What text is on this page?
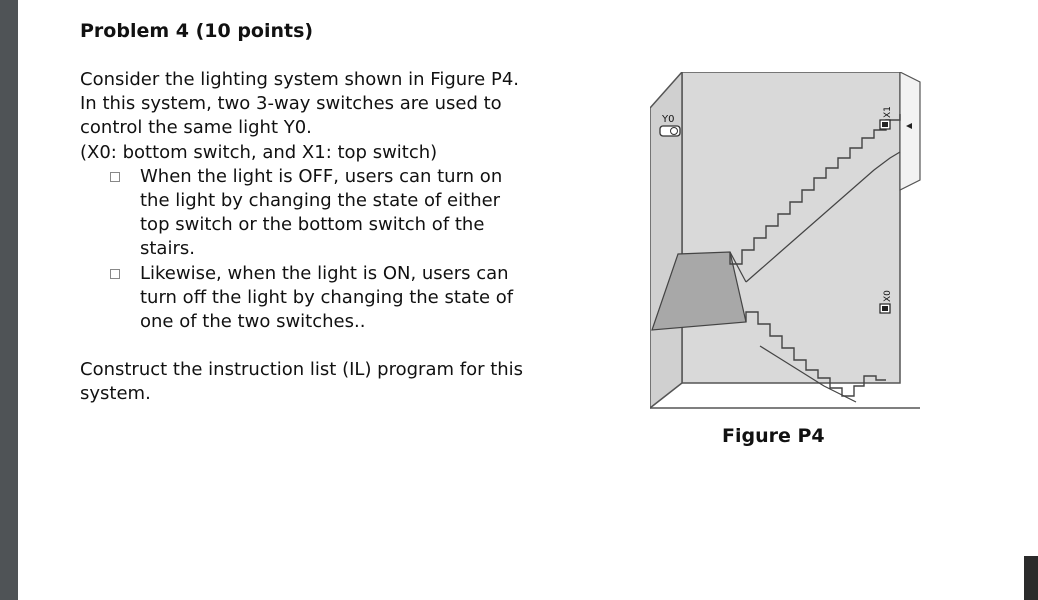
Problem 4 (10 points)

Consider the lighting system shown in Figure P4.

In this system, two 3-way switches are used to

control the same light Y0.

(X0: bottom switch, and X1: top switch)

When the light is OFF, users can turn on
the light by changing the state of either
top switch or the bottom switch of the
stairs.
Likewise, when the light is ON, users can
turn off the light by changing the state of
one of the two switches..

Construct the instruction list (IL) program for this

system.

Y0
X1
X0
Figure P4
